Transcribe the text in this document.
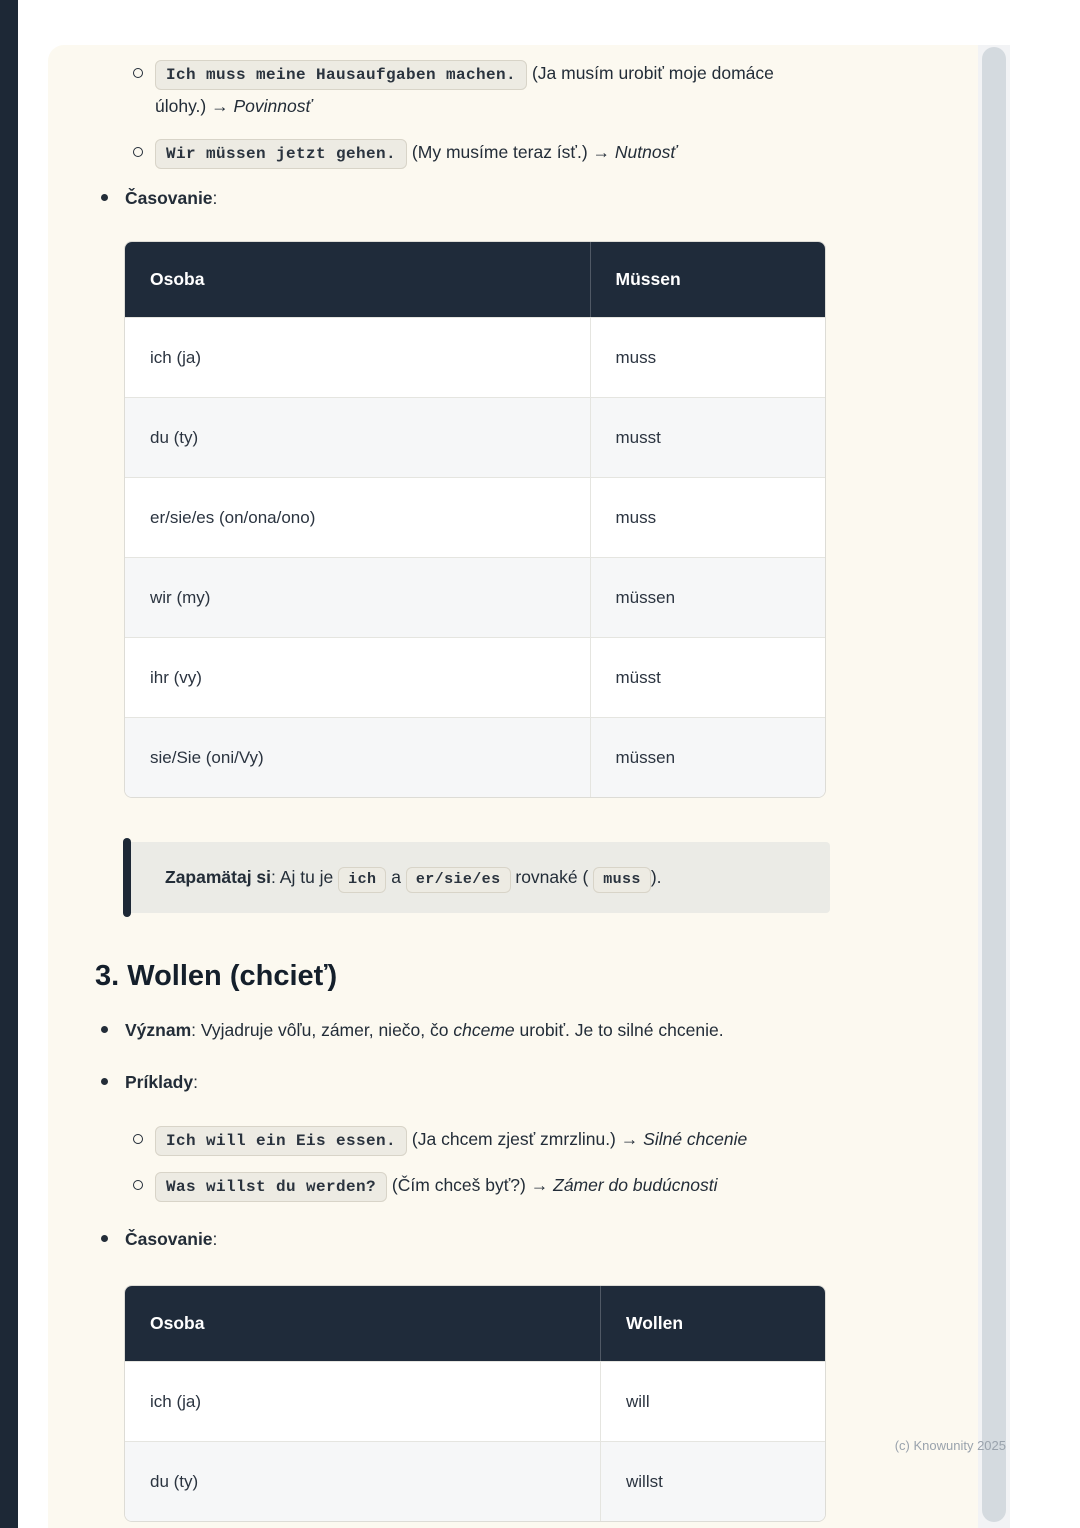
Ich muss meine Hausaufgaben machen. (Ja musím urobiť moje domáce úlohy.) → Povinnosť
Wir müssen jetzt gehen. (My musíme teraz ísť.) → Nutnosť
Časovanie:
Osoba	Müssen
ich (ja)	muss
du (ty)	musst
er/sie/es (on/ona/ono)	muss
wir (my)	müssen
ihr (vy)	müsst
sie/Sie (oni/Vy)	müssen
Zapamätaj si: Aj tu je ich a er/sie/es rovnaké ( muss ).
3. Wollen (chcieť)
Význam: Vyjadruje vôľu, zámer, niečo, čo chceme urobiť. Je to silné chcenie.
Príklady:
Ich will ein Eis essen. (Ja chcem zjesť zmrzlinu.) → Silné chcenie
Was willst du werden? (Čím chceš byť?) → Zámer do budúcnosti
Časovanie:
Osoba	Wollen
ich (ja)	will
du (ty)	willst
(c) Knowunity 2025
